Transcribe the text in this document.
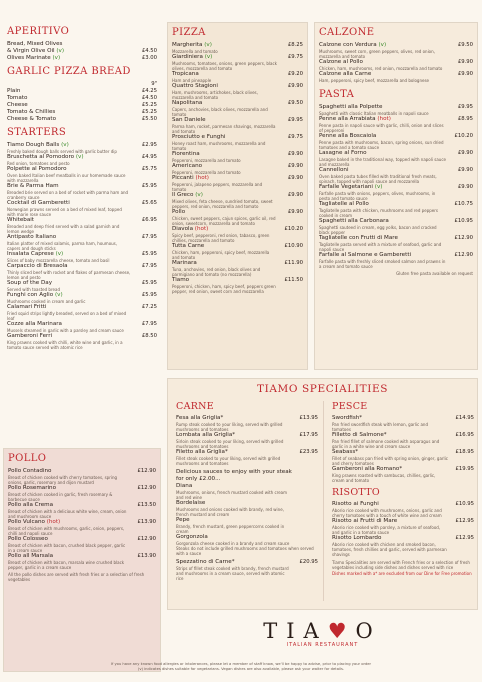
APERITIVO
Bread, Mixed Olives
& Virgin Olive Oil (v)	£4.50
Olives Marinate (v)	£3.00
GARLIC PIZZA BREAD
9"
Plain	£4.25
Tomato	£4.50
Cheese	£5.25
Tomato & Chillies	£5.25
Cheese & Tomato	£5.50
STARTERS
Tiamo Dough Balls (v)	£2.95
Freshly baked dough balls served with garlic butter dip
Bruschetta al Pomodoro (v)	£4.95
Red onion, tomatoes and pesto
Polpette al Pomodoro	£5.75
Oven baked Italian beef meatballs in our homemade sauce with mozzarella
Brie & Parma Ham	£5.95
Breaded brie served on a bed of rocket with parma ham and cranberry sauce
Cocktail di Gamberetti	£5.65
Norwegian prawns served on a bed of mixed leaf, topped with marie rose sauce
Whitebait	£6.95
Breaded and deep fried served with a salad garnish and lemon wedge
Antipasto Italiano	£7.95
Italian platter of mixed salamis, parma ham, houmous, capers and dough sticks
Insalata Caprese (v)	£5.95
Slices of baby mozzarella cheese, tomato and basil
Carpaccio di Bresaola	£7.95
Thinly sliced beef with rocket and flakes of parmesan cheese, lemon and pesto
Soup of the Day	£5.95
Served with toasted bread
Funghi con Aglio (v)	£5.95
Mushrooms cooked in cream and garlic
Calamari Fritti	£7.25
Fried squid strips lightly breaded, served on a bed of mixed leaf
Cozze alla Marinara	£7.95
Mussels steamed in garlic with a parsley and cream sauce
Gamberoni Ferri	£8.50
King prawns cooked with chilli, white wine and garlic, in a tomato sauce served with atomic rice
POLLO
Pollo Contadino	£12.90
Breast of chicken cooked with cherry tomatoes, spring onions, garlic, rosemary and dijon mustard
Pollo Rosemarino	£12.90
Breast of chicken cooked in garlic, fresh rosemary & barbecue sauce
Pollo alla Crema	£13.50
Breast of chicken with a delicious white wine, cream, onion and mushroom sauce
Pollo Vulcano (hot)	£13.90
Breast of chicken with mushrooms, garlic, onion, peppers, chilli and napoli sauce
Pollo Colosseo	£12.90
Breast of chicken with bacon, crushed black pepper, garlic in a cream sauce
Pollo all Marsala	£13.90
Breast of chicken with bacon, marsala wine crushed black pepper, garlic in a cream sauce
All the pollo dishes are served with fresh fries or a selection of fresh vegetables
PIZZA
Margherita (v)	£8.25
Mozzarella and tomato
Giardiniera (v)	£9.75
Mushrooms, tomatoes, onions, green peppers, black olives, mozzarella and tomato
Tropicana	£9.20
Ham and pineapple
Quattro Stagioni	£9.90
Ham, mushrooms, artichokes, black olives, mozzarella and tomato
Napolitana	£9.50
Capers, anchovies, black olives, mozzarella and tomato
San Daniele	£9.95
Parma ham, rocket, parmesan shavings, mozzarella and tomato
Prosciutto e Funghi	£9.75
Honey roast ham, mushrooms, mozzarella and tomato
Fiorentina	£9.90
Pepperoni, mozzarella and tomato
Americano	£9.90
Pepperoni, mozzarella and tomato
Piccanti (hot)	£9.90
Pepperoni, jalapeno peppers, mozzarella and tomato
Il Greco (v)	£9.90
Mixed olives, feta cheese, sundried tomato, sweet peppers, red onion, mozzarella and tomato
Pollo	£9.90
Chicken, sweet peppers, cajun spices, garlic oil, red onion, sweetcorn, mozzarella and tomato
Diavola (hot)	£10.20
Spicy beef, pepperoni, red onion, tabasco, green chillies, mozzarella and tomato
Tutta Carne	£10.90
Chicken, ham, pepperoni, spicy beef, mozzarella and tomato
Marinara	£11.90
Tuna, anchovies, red onion, black olives and parmigiano and tomato (no mozzarella)
Tiamo	£11.50
Pepperoni, chicken, ham, spicy beef, peppers green pepper, red onion, sweet corn and mozzarella
CALZONE
Calzone con Verdura (v)	£9.50
Mushrooms, sweet corn, green peppers, olives, red onion, mozzarella and tomato
Calzone al Pollo	£9.90
Chicken, ham, mushrooms, red onion, mozzarella and tomato
Calzone alla Carne	£9.90
Ham, pepperoni, spicy beef, mozzarella and bolognese
PASTA
Spaghetti alla Polpette	£9.95
Spaghetti with classic Italian meatballs in napoli sauce
Penne alla Arrabiata (hot)	£8.95
Penne pasta in napoli sauce with garlic, chilli, onion and slices of pepperoni
Penne alla Boscaiola	£10.20
Penne pasta with mushrooms, bacon, spring onions, sun dried tomatoes and a tomato sauce
Lasagne al Forno	£9.90
Lasagne baked in the traditional way, topped with napoli sauce and mozzarella
Cannelloni	£9.90
Oven baked pasta tubes filled with traditional fresh meats, spinach, topped with napoli sauce and mozzarella
Farfalle Vegetariani (v)	£9.90
Farfalle pasta with onions, peppers, olives, mushrooms, in pesto and tomato sauce
Tagliatelle al Pollo	£10.75
Tagliatelle pasta with chicken, mushrooms and red peppers cooked in cream
Spaghetti alla Carbonara	£10.95
Spaghetti sauteed in cream, egg yolks, bacon and cracked black pepper
Tagliatelle con Frutti di Mare	£12.90
Tagliatelle pasta served with a mixture of seafood, garlic and napoli sauce
Farfalle al Salmone e Gamberetti	£12.90
Farfalle pasta with freshly sliced smoked salmon and prawns in a cream and tomato sauce
Gluten free pasta available on request
TIAMO SPECIALITIES
CARNE
Fesa alla Griglia*	£13.95
Rump steak cooked to your liking, served with grilled mushrooms and tomatoes
Lombata alla Griglia*	£17.95
Sirloin steak cooked to your liking, served with grilled mushrooms and tomatoes
Filetto alla Griglia*	£23.95
Fillet steak cooked to your liking, served with grilled mushrooms and tomatoes
Delicious sauces to enjoy with your steak for only £2.00...
Diana
Mushrooms, onions, french mustard cooked with cream and red wine
Bordelaise
Mushrooms and onions cooked with brandy, red wine, french mustard and cream
Pepe
Brandy, french mustard, green peppercorns cooked in cream
Gorgonzola
Gorgonzola cheese cooked in a brandy and cream sauce
Steaks do not include grilled mushrooms and tomatoes when served with a sauce
Spezzatino di Carne*	£20.95
Strips of fillet steak cooked with brandy, french mustard and mushrooms in a cream sauce, served with atomic rice
PESCE
Swordfish*	£14.95
Pan fried swordfish steak with lemon, garlic and tomatoes
Filletto di Salmone*	£16.95
Pan fried fillet of salmone cooked with asparagus and garlic in a white wine and cream sauce
Seabass*	£18.95
Fillet of seabass pan fried with spring onion, ginger, garlic and cherry tomatoes
Gamberoni alla Romano*	£19.95
King prawns roasted with sambucas, chillies, garlic, cream and tomato
RISOTTO
Risotto ai Funghi	£10.95
Aborio rice cooked with mushrooms, onions, garlic and cherry tomatoes with a touch of white wine and cream
Risotto ai Frutti di Mare	£12.95
Aborio rice cooked with parsley, a mixture of seafood, and garlic in a tomato sauce
Risotto Lombardo	£12.95
Aborio rice cooked with chicken and smoked bacon, tomatoes, fresh chillies and garlic, served with parmesan shavings
Tiamo Specialities are served with French fries or a selection of fresh vegetables including side dishes and dishes served with rice
Dishes marked with a* are excluded from our Dine for Free promotion
TIA♥O
ITALIAN RESTAURANT
If you have any known food allergies or intolerances, please let a member of staff know, we'll be happy to advise, prior to placing your order
(v) indicates dishes suitable for vegetarians. Vegan dishes are also available, please ask your waiter for details.
